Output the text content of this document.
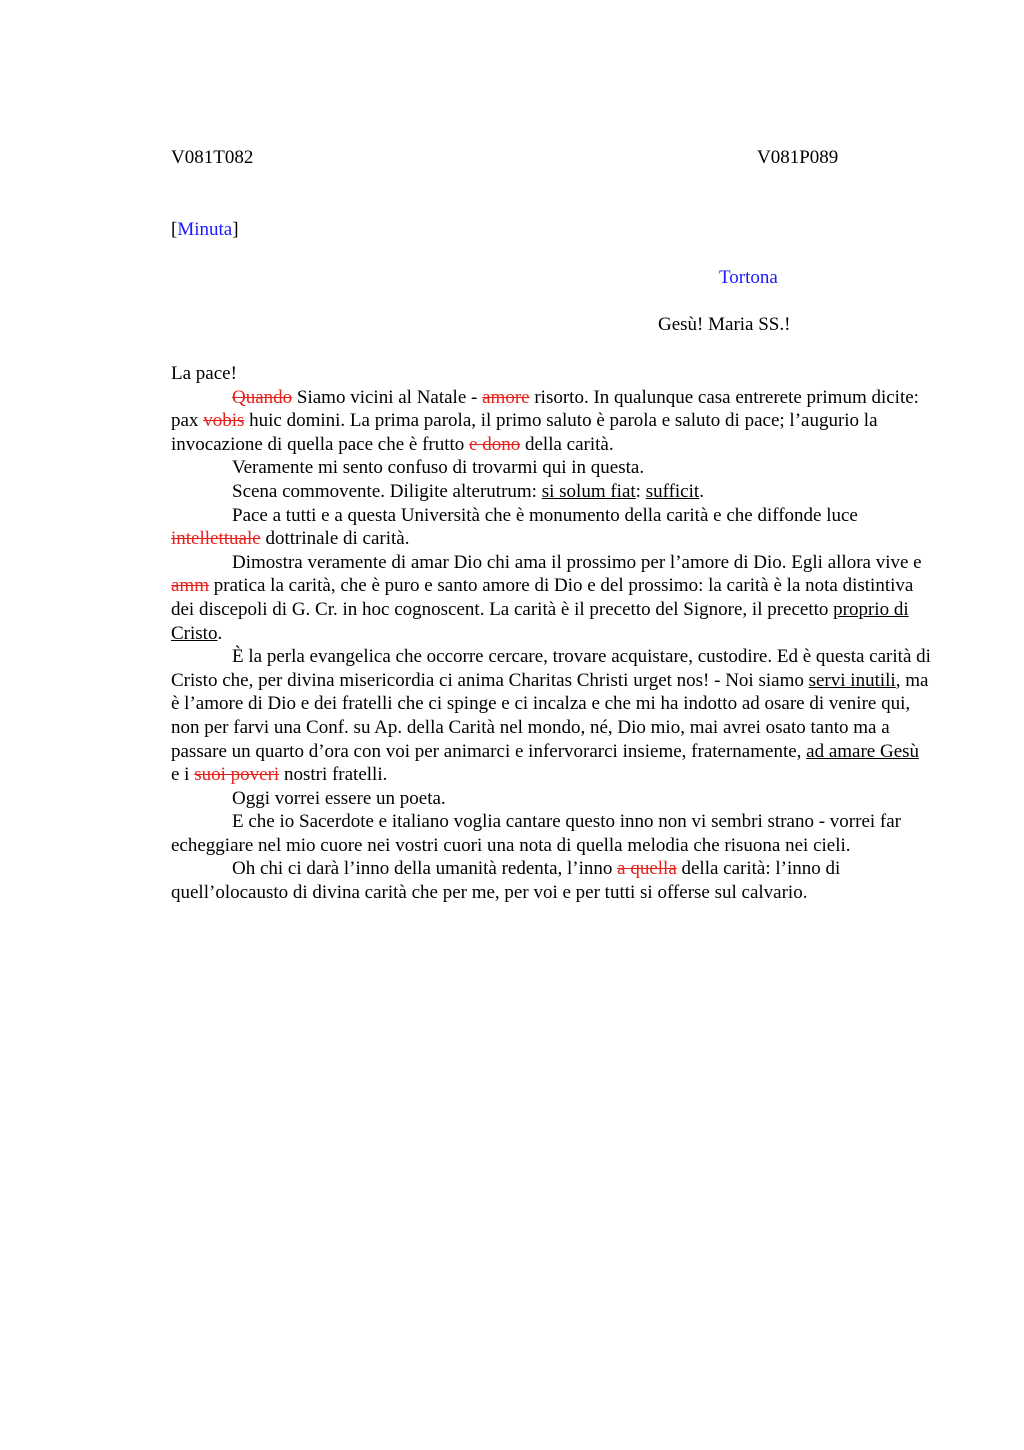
V081T082	V081P089
[Minuta]
Tortona
Gesù! Maria SS.!

La pace!

Quando Siamo vicini al Natale - amore risorto. In qualunque casa entrerete primum dicite: pax vobis huic domini. La prima parola, il primo saluto è parola e saluto di pace; l’augurio la invocazione di quella pace che è frutto e dono della carità.

Veramente mi sento confuso di trovarmi qui in questa.

Scena commovente. Diligite alterutrum: si solum fiat: sufficit.

Pace a tutti e a questa Università che è monumento della carità e che diffonde luce intellettuale dottrinale di carità.

Dimostra veramente di amar Dio chi ama il prossimo per l’amore di Dio. Egli allora vive e amm pratica la carità, che è puro e santo amore di Dio e del prossimo: la carità è la nota distintiva dei discepoli di G. Cr. in hoc cognoscent. La carità è il precetto del Signore, il precetto proprio di Cristo.

È la perla evangelica che occorre cercare, trovare acquistare, custodire. Ed è questa carità di Cristo che, per divina misericordia ci anima Charitas Christi urget nos! - Noi siamo servi inutili, ma è l’amore di Dio e dei fratelli che ci spinge e ci incalza e che mi ha indotto ad osare di venire qui, non per farvi una Conf. su Ap. della Carità nel mondo, né, Dio mio, mai avrei osato tanto ma a passare un quarto d’ora con voi per animarci e infervorarci insieme, fraternamente, ad amare Gesù e i suoi poveri nostri fratelli.

Oggi vorrei essere un poeta.

E che io Sacerdote e italiano voglia cantare questo inno non vi sembri strano - vorrei far echeggiare nel mio cuore nei vostri cuori una nota di quella melodia che risuona nei cieli.

Oh chi ci darà l’inno della umanità redenta, l’inno a quella della carità: l’inno di quell’olocausto di divina carità che per me, per voi e per tutti si offerse sul calvario.
